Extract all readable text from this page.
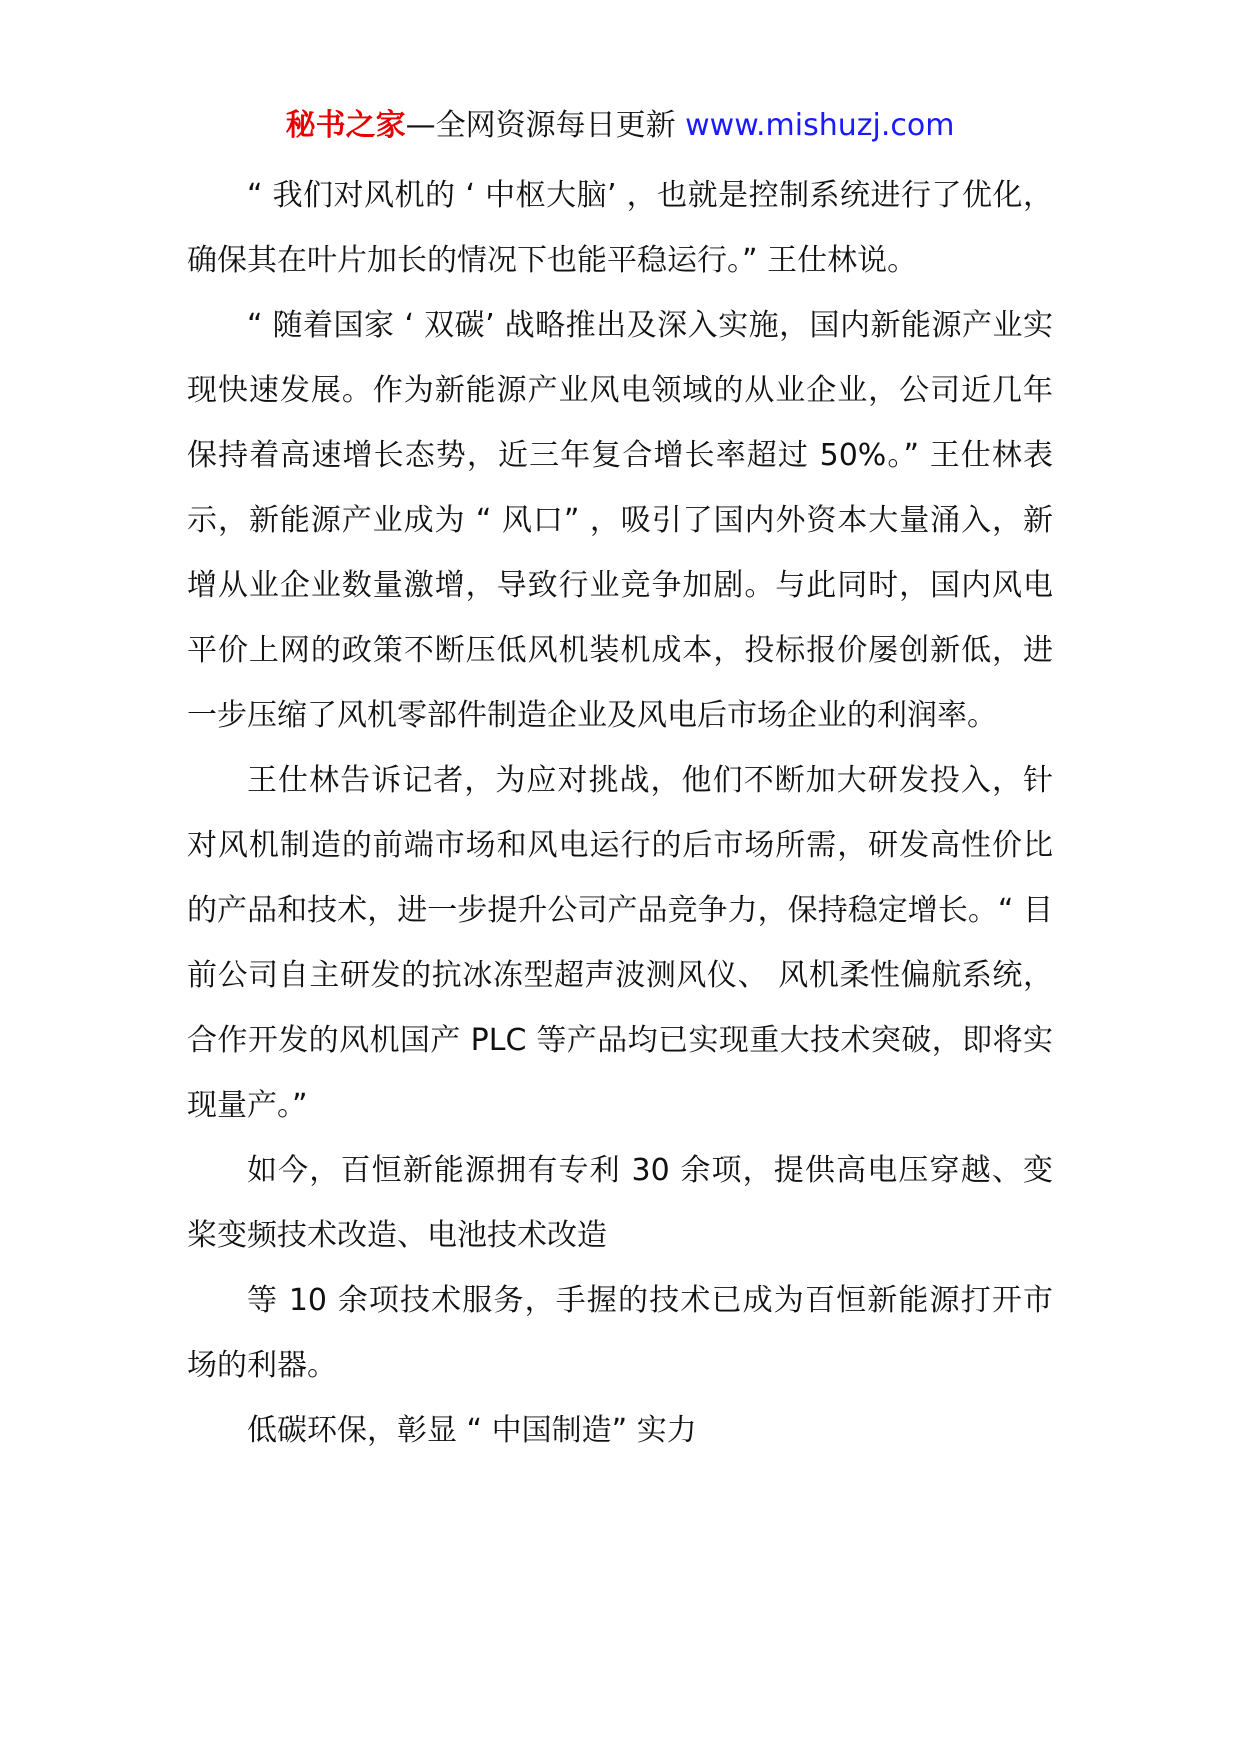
秘书之家—全网资源每日更新 www.mishuzj.com

“ 我们对风机的 ‘ 中枢大脑’ ，也就是控制系统进行了优化，确保其在叶片加长的情况下也能平稳运行。” 王仕林说。

“ 随着国家 ‘ 双碳’ 战略推出及深入实施，国内新能源产业实现快速发展。作为新能源产业风电领域的从业企业，公司近几年保持着高速增长态势，近三年复合增长率超过 50%。” 王仕林表示，新能源产业成为 “ 风口” ，吸引了国内外资本大量涌入，新增从业企业数量激增，导致行业竞争加剧。与此同时，国内风电平价上网的政策不断压低风机装机成本，投标报价屡创新低，进一步压缩了风机零部件制造企业及风电后市场企业的利润率。

王仕林告诉记者，为应对挑战，他们不断加大研发投入，针对风机制造的前端市场和风电运行的后市场所需，研发高性价比的产品和技术，进一步提升公司产品竞争力，保持稳定增长。“ 目前公司自主研发的抗冰冻型超声波测风仪、 风机柔性偏航系统， 合作开发的风机国产 PLC 等产品均已实现重大技术突破，即将实现量产。”

如今，百恒新能源拥有专利 30 余项，提供高电压穿越、变桨变频技术改造、电池技术改造

等 10 余项技术服务，手握的技术已成为百恒新能源打开市场的利器。

低碳环保，彰显 “ 中国制造” 实力
